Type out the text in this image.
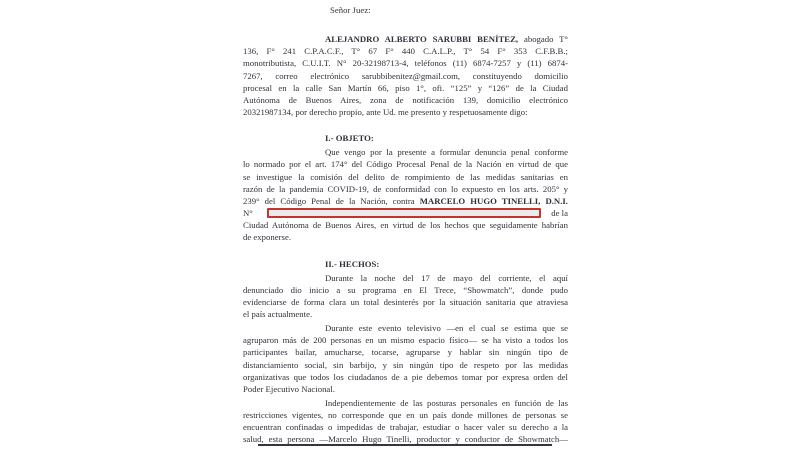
Señor Juez:
ALEJANDRO ALBERTO SARUBBI BENÍTEZ, abogado T°
136, F° 241 C.P.A.C.F., T° 67 F° 440 C.A.L.P., T° 54 F° 353 C.F.B.B.;
monotributista, C.U.I.T. N° 20-32198713-4, teléfonos (11) 6874-7257 y (11) 6874-
7267, correo electrónico sarubbibenitez@gmail.com, constituyendo domicilio
procesal en la calle San Martín 66, piso 1°, ofi. “125” y “126” de la Ciudad
Autónoma de Buenos Aires, zona de notificación 139, domicilio electrónico
20321987134, por derecho propio, ante Ud. me presento y respetuosamente digo:
I.- OBJETO:
Que vengo por la presente a formular denuncia penal conforme
lo normado por el art. 174° del Código Procesal Penal de la Nación en virtud de que
se investigue la comisión del delito de rompimiento de las medidas sanitarias en
razón de la pandemia COVID-19, de conformidad con lo expuesto en los arts. 205° y
239° del Código Penal de la Nación, contra MARCELO HUGO TINELLI, D.N.I.
N°	de la
Ciudad Autónoma de Buenos Aires, en virtud de los hechos que seguidamente habrían
de exponerse.
II.- HECHOS:
Durante la noche del 17 de mayo del corriente, el aquí
denunciado dio inicio a su programa en El Trece, “Showmatch”, donde pudo
evidenciarse de forma clara un total desinterés por la situación sanitaria que atraviesa
el país actualmente.
Durante este evento televisivo —en el cual se estima que se
agruparon más de 200 personas en un mismo espacio físico— se ha visto a todos los
participantes bailar, amucharse, tocarse, agruparse y hablar sin ningún tipo de
distanciamiento social, sin barbijo, y sin ningún tipo de respeto por las medidas
organizativas que todos los ciudadanos de a pie debemos tomar por expresa orden del
Poder Ejecutivo Nacional.
Independientemente de las posturas personales en función de las
restricciones vigentes, no corresponde que en un país donde millones de personas se
encuentran confinadas o impedidas de trabajar, estudiar o hacer valer su derecho a la
salud, esta persona —Marcelo Hugo Tinelli, productor y conductor de Showmatch—
